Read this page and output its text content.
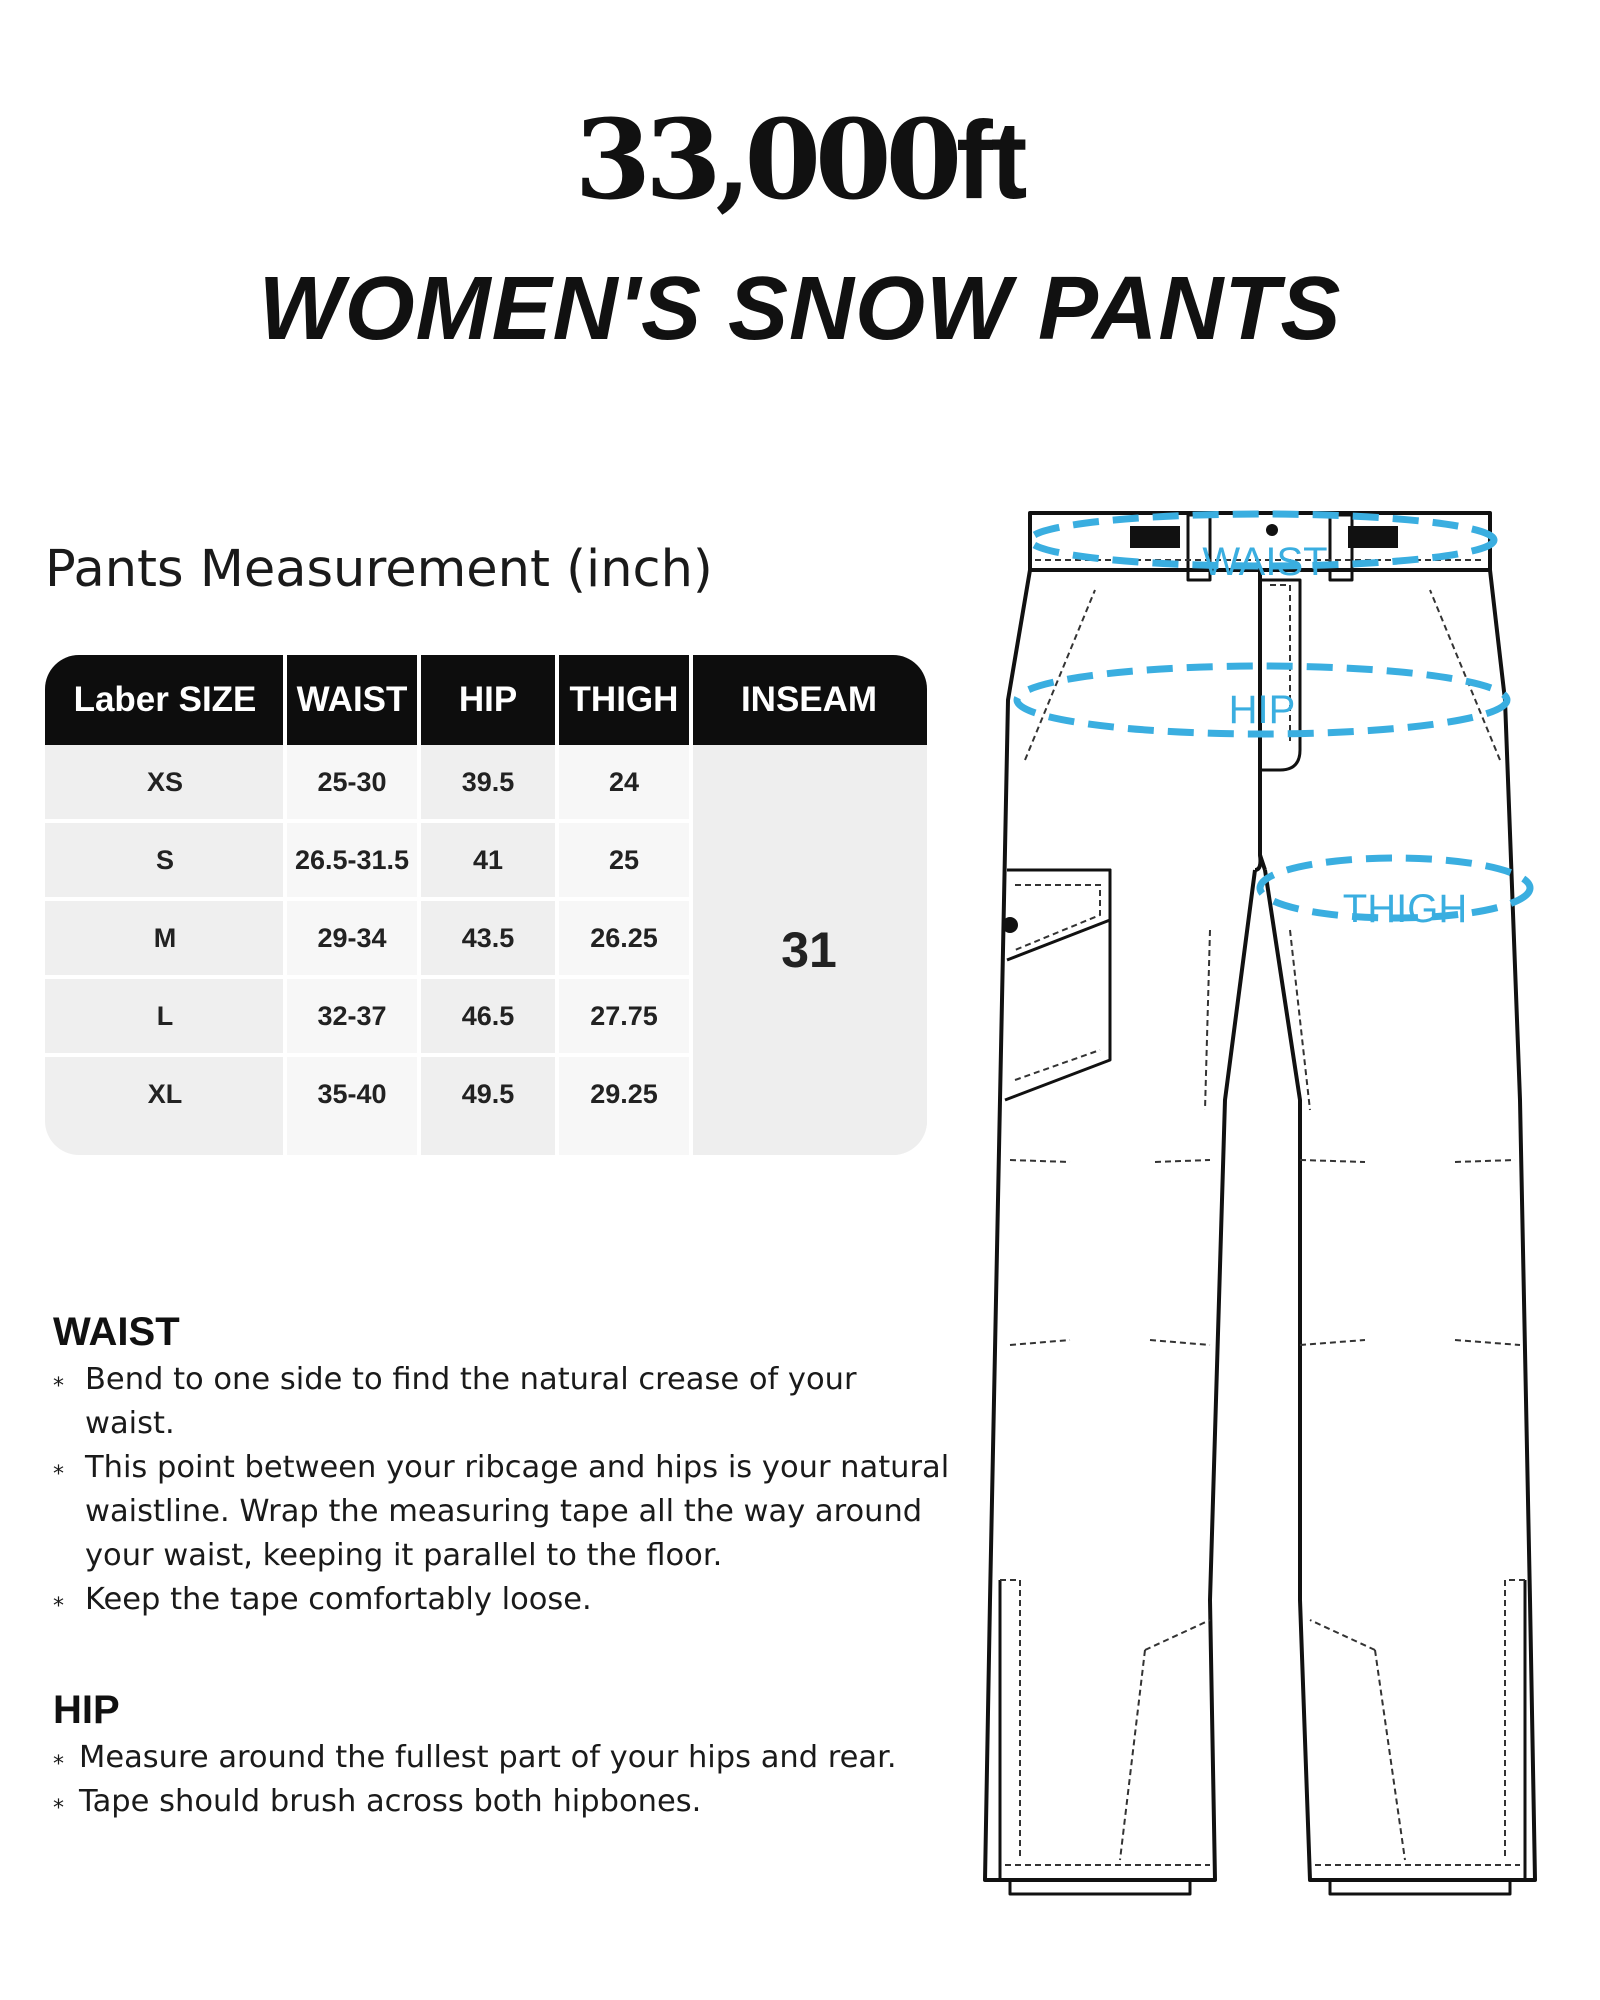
33,000ft
WOMEN'S SNOW PANTS
Pants Measurement (inch)
Laber SIZE	WAIST	HIP	THIGH	INSEAM
XS	25-30	39.5	24
S	26.5-31.5	41	25
M	29-34	43.5	26.25
L	32-37	46.5	27.75
XL	35-40	49.5	29.25
31
WAIST
⁎ Bend to one side to find the natural crease of your waist.
⁎ This point between your ribcage and hips is your natural waistline. Wrap the measuring tape all the way around your waist, keeping it parallel to the floor.
⁎ Keep the tape comfortably loose.
HIP
⁎ Measure around the fullest part of your hips and rear.
⁎ Tape should brush across both hipbones.
WAIST
HIP
THIGH
